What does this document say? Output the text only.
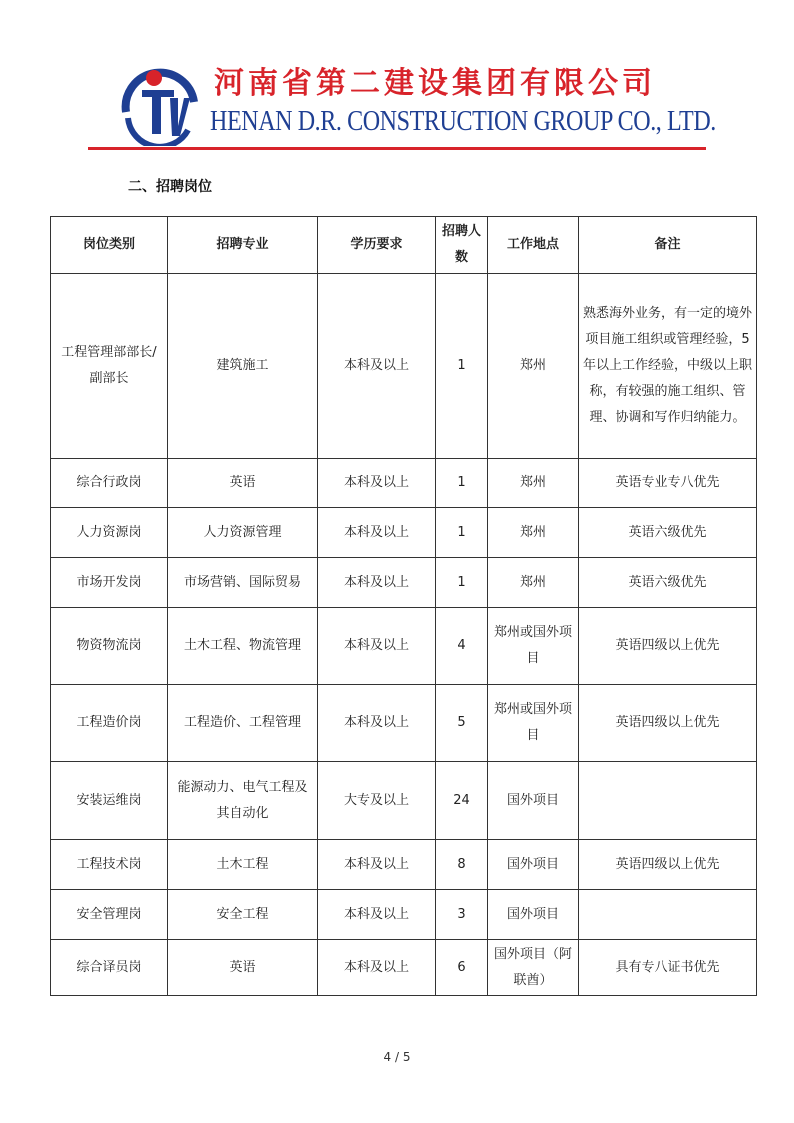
河南省第二建设集团有限公司
HENAN D.R. CONSTRUCTION GROUP CO., LTD.
二、招聘岗位
岗位类别	招聘专业	学历要求	招聘人数	工作地点	备注
工程管理部部长/副部长	建筑施工	本科及以上	1	郑州	熟悉海外业务，有一定的境外项目施工组织或管理经验，5年以上工作经验，中级以上职称，有较强的施工组织、管理、协调和写作归纳能力。
综合行政岗	英语	本科及以上	1	郑州	英语专业专八优先
人力资源岗	人力资源管理	本科及以上	1	郑州	英语六级优先
市场开发岗	市场营销、国际贸易	本科及以上	1	郑州	英语六级优先
物资物流岗	土木工程、物流管理	本科及以上	4	郑州或国外项目	英语四级以上优先
工程造价岗	工程造价、工程管理	本科及以上	5	郑州或国外项目	英语四级以上优先
安装运维岗	能源动力、电气工程及其自动化	大专及以上	24	国外项目	
工程技术岗	土木工程	本科及以上	8	国外项目	英语四级以上优先
安全管理岗	安全工程	本科及以上	3	国外项目	
综合译员岗	英语	本科及以上	6	国外项目（阿联酋）	具有专八证书优先
4 / 5
